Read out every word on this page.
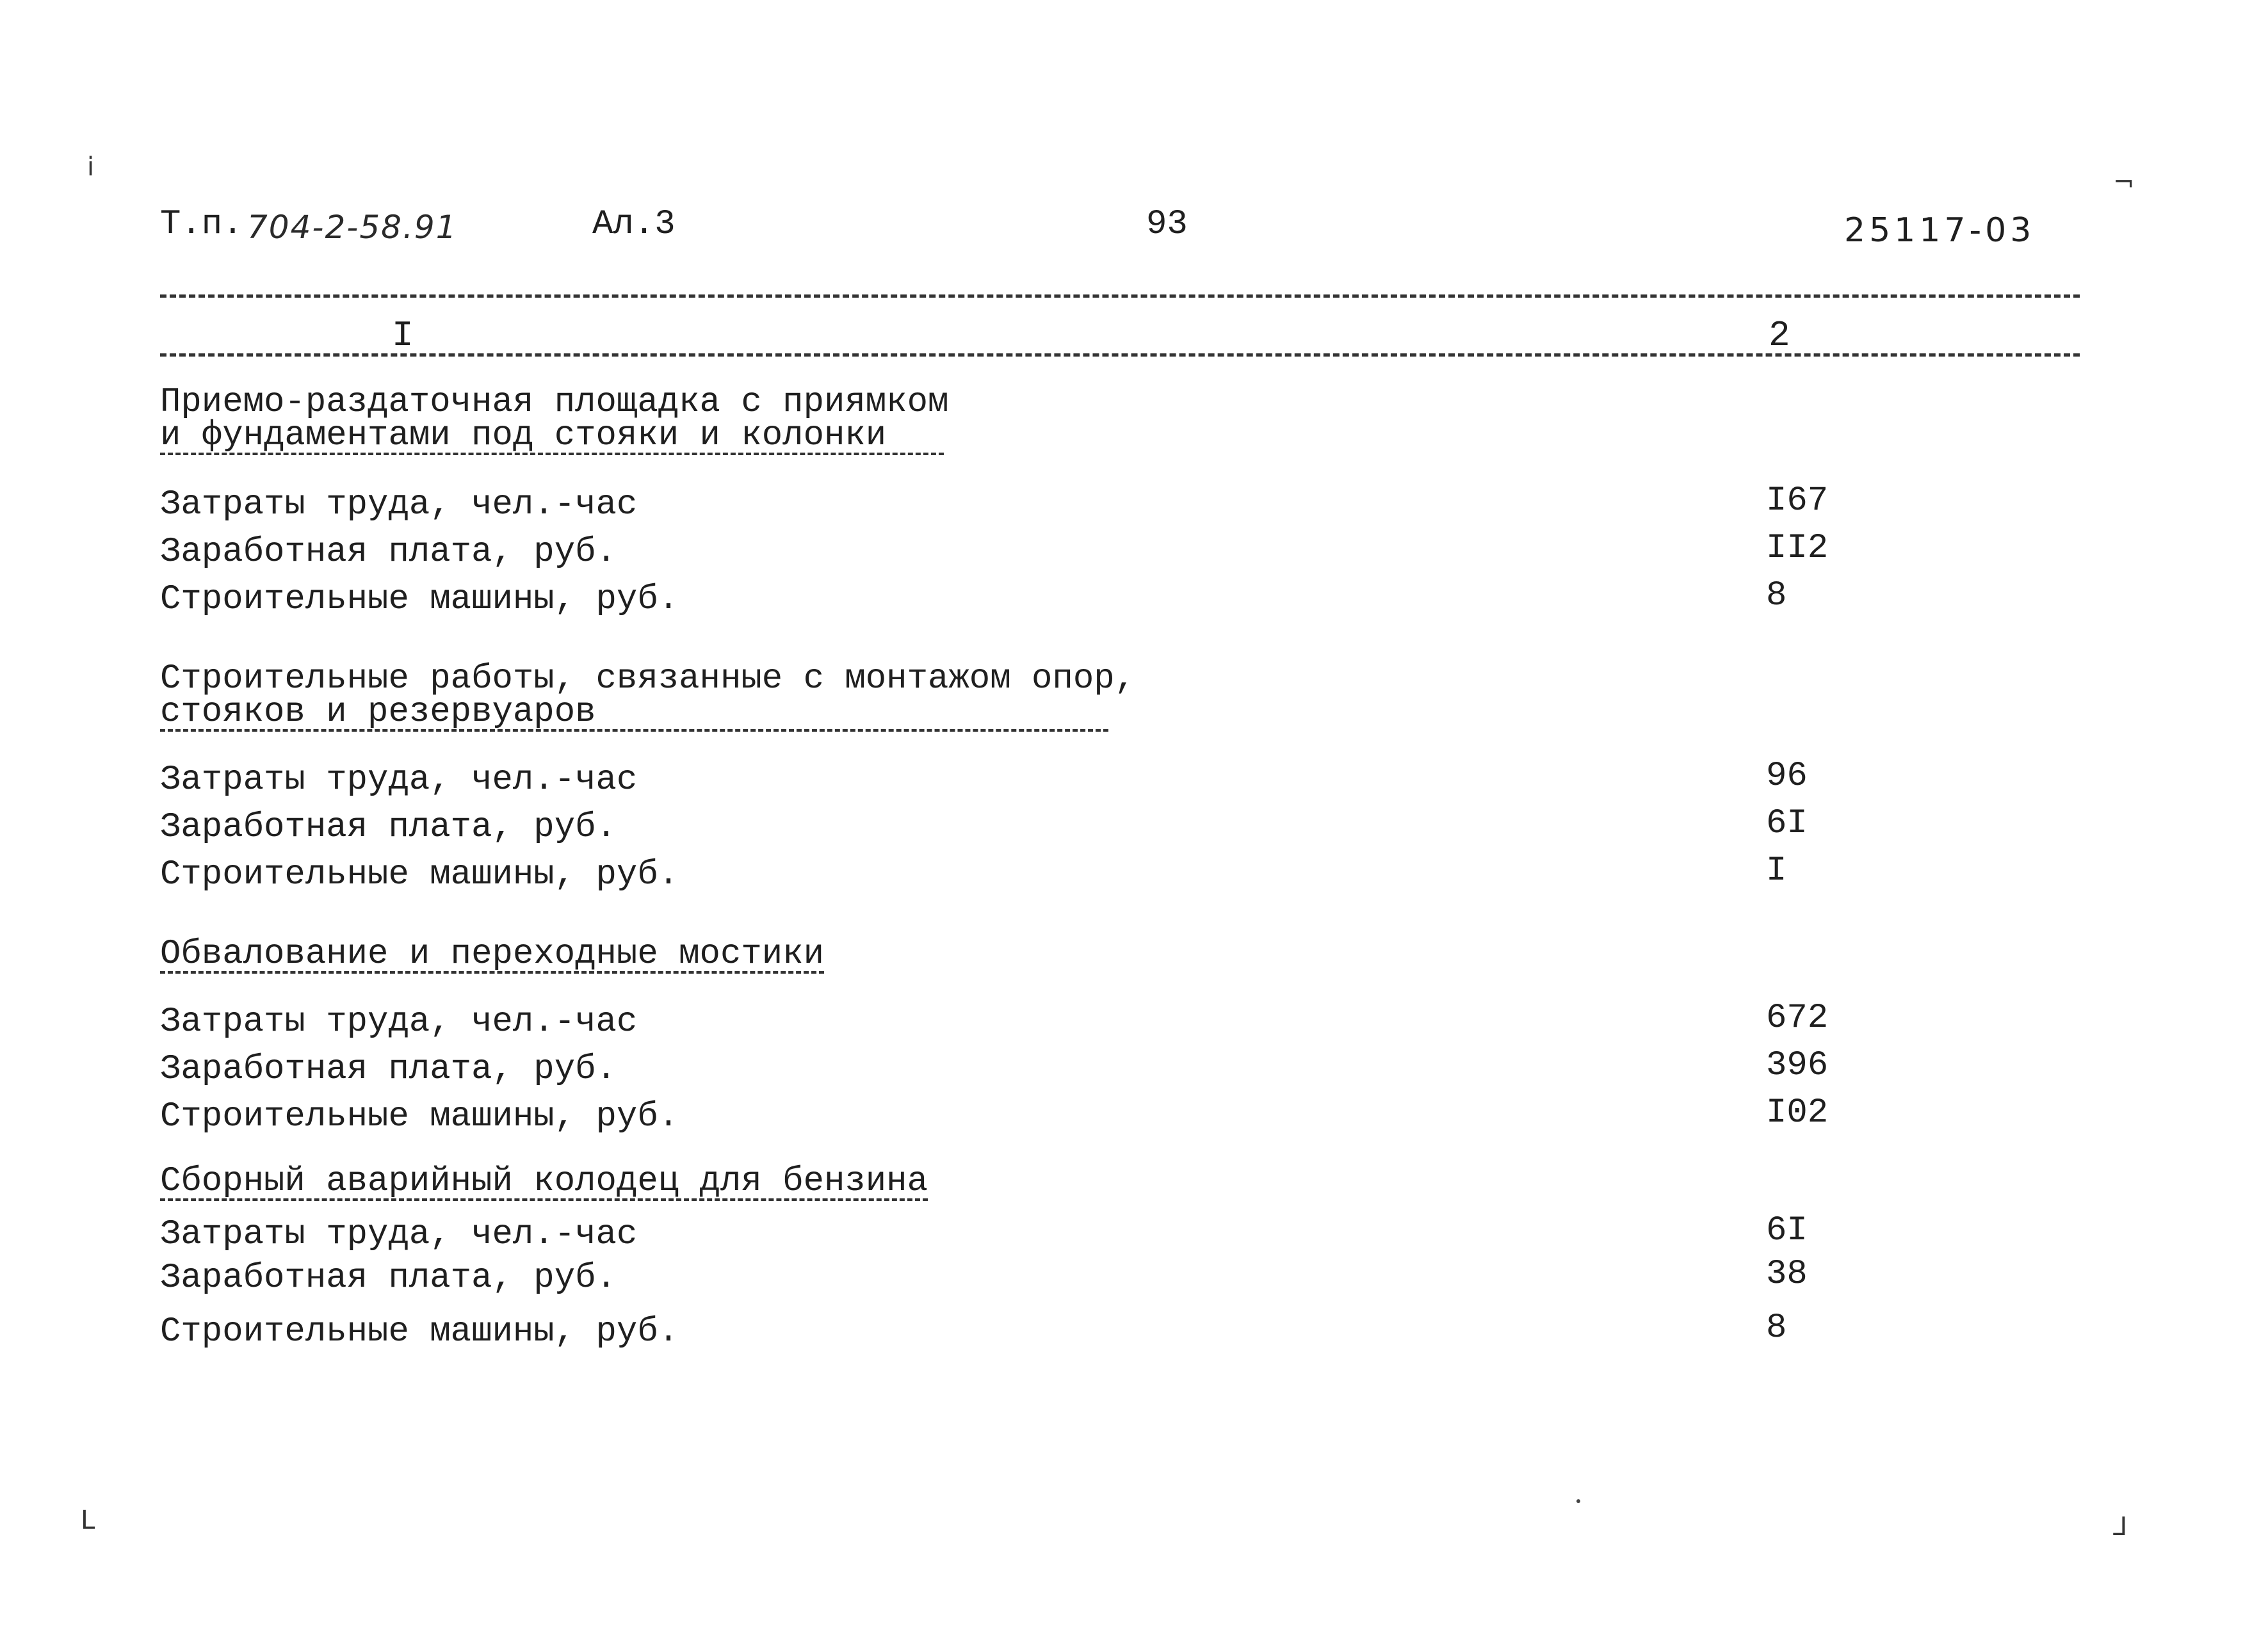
ⅰ
¬
L	⅃
Т.п. 704-2-58.91	Ал.3	93	25117-03
I	2
Приемо-раздаточная площадка с приямком
и фундаментами под стояки и колонки
Затраты труда, чел.-час	I67
Заработная плата, руб.	II2
Строительные машины, руб.	8
Строительные работы, связанные с монтажом опор,
стояков и резервуаров
Затраты труда, чел.-час	96
Заработная плата, руб.	6I
Строительные машины, руб.	I
Обвалование и переходные мостики
Затраты труда, чел.-час	672
Заработная плата, руб.	396
Строительные машины, руб.	I02
Сборный аварийный колодец для бензина
Затраты труда, чел.-час	6I
Заработная плата, руб.	38
Строительные машины, руб.	8
